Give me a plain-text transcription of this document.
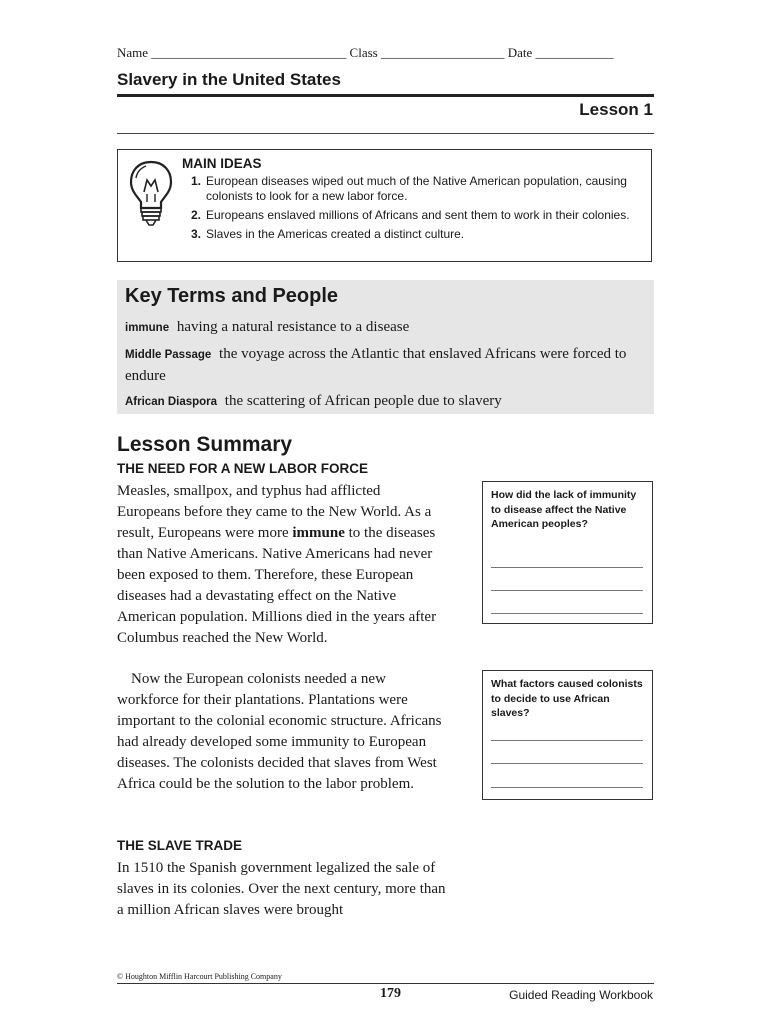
Name ______________________________ Class ___________________ Date ____________
Slavery in the United States
Lesson 1
MAIN IDEAS
1. European diseases wiped out much of the Native American population, causing colonists to look for a new labor force.
2. Europeans enslaved millions of Africans and sent them to work in their colonies.
3. Slaves in the Americas created a distinct culture.
Key Terms and People
immune having a natural resistance to a disease
Middle Passage the voyage across the Atlantic that enslaved Africans were forced to endure
African Diaspora the scattering of African people due to slavery
Lesson Summary
THE NEED FOR A NEW LABOR FORCE

Measles, smallpox, and typhus had afflicted Europeans before they came to the New World. As a result, Europeans were more immune to the diseases than Native Americans. Native Americans had never been exposed to them. Therefore, these European diseases had a devastating effect on the Native American population. Millions died in the years after Columbus reached the New World.

Now the European colonists needed a new workforce for their plantations. Plantations were important to the colonial economic structure. Africans had already developed some immunity to European diseases. The colonists decided that slaves from West Africa could be the solution to the labor problem.

THE SLAVE TRADE

In 1510 the Spanish government legalized the sale of slaves in its colonies. Over the next century, more than a million African slaves were brought

How did the lack of immunity to disease affect the Native American peoples?
What factors caused colonists to decide to use African slaves?
© Houghton Mifflin Harcourt Publishing Company
179	Guided Reading Workbook
